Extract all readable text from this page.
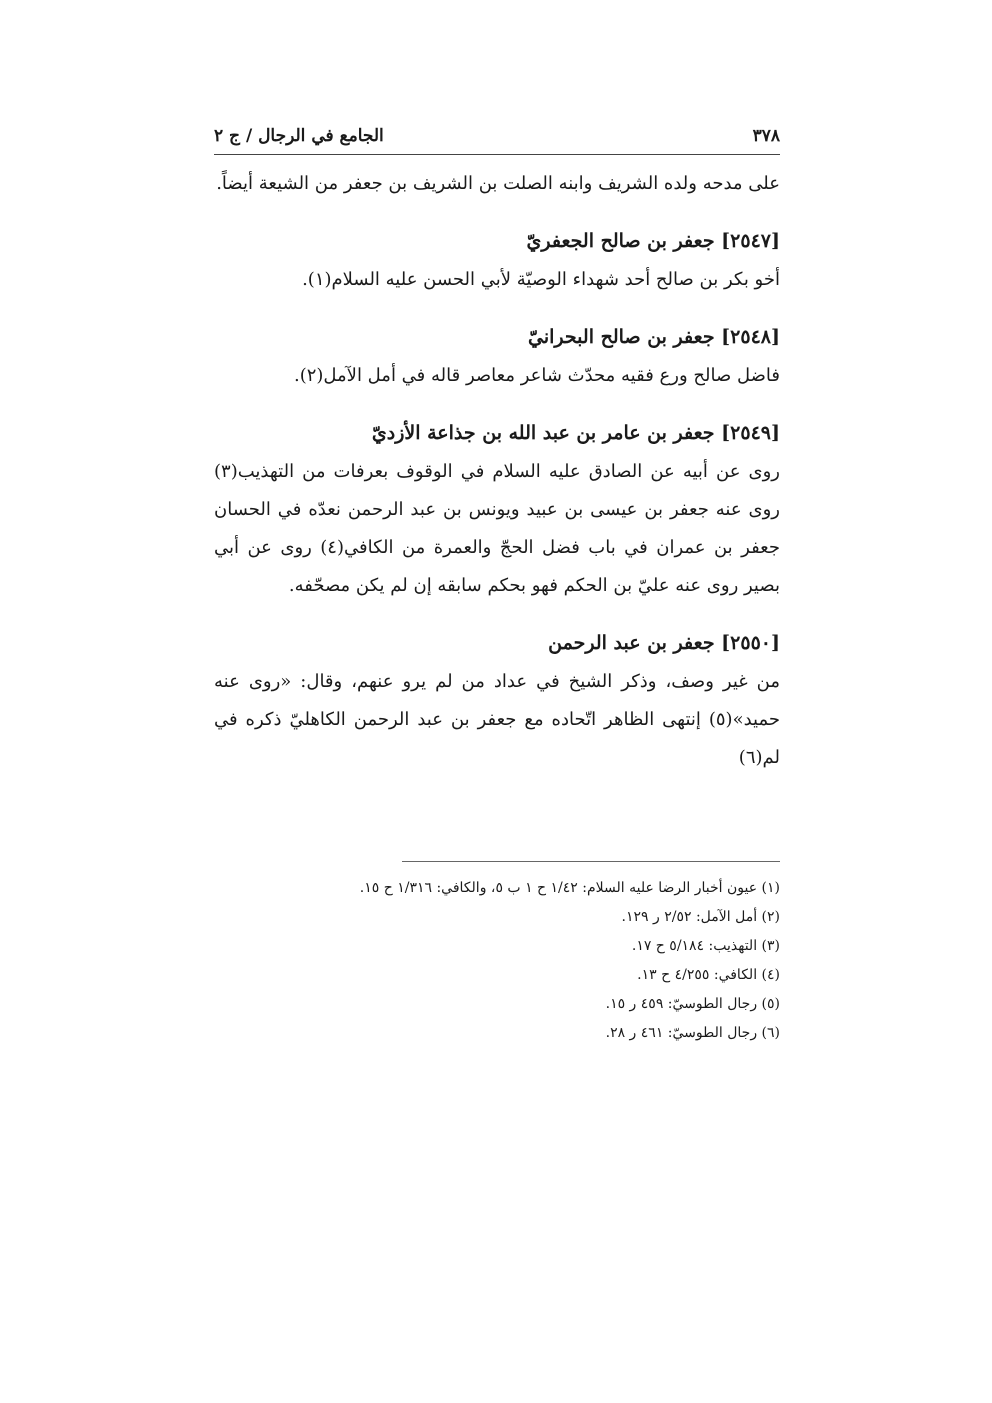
٣٧٨
الجامع في الرجال / ج ٢

على مدحه ولده الشريف وابنه الصلت بن الشريف بن جعفر من الشيعة أيضاً.

[٢٥٤٧] جعفر بن صالح الجعفريّ

أخو بكر بن صالح أحد شهداء الوصيّة لأبي الحسن عليه السلام(١).

[٢٥٤٨] جعفر بن صالح البحرانيّ

فاضل صالح ورع فقيه محدّث شاعر معاصر قاله في أمل الآمل(٢).

[٢٥٤٩] جعفر بن عامر بن عبد الله بن جذاعة الأزديّ

روى عن أبيه عن الصادق عليه السلام في الوقوف بعرفات من التهذيب(٣) روى عنه جعفر بن عيسى بن عبيد ويونس بن عبد الرحمن نعدّه في الحسان جعفر بن عمران في باب فضل الحجّ والعمرة من الكافي(٤) روى عن أبي بصير روى عنه عليّ بن الحكم فهو بحكم سابقه إن لم يكن مصحّفه.

[٢٥٥٠] جعفر بن عبد الرحمن

من غير وصف، وذكر الشيخ في عداد من لم يرو عنهم، وقال: «روى عنه حميد»(٥) إنتهى الظاهر اتّحاده مع جعفر بن عبد الرحمن الكاهليّ ذكره في لم(٦)

(١) عيون أخبار الرضا عليه السلام: ١/٤٢ ح ١ ب ٥، والكافي: ١/٣١٦ ح ١٥.
(٢) أمل الآمل: ٢/٥٢ ر ١٢٩.
(٣) التهذيب: ٥/١٨٤ ح ١٧.
(٤) الكافي: ٤/٢٥٥ ح ١٣.
(٥) رجال الطوسيّ: ٤٥٩ ر ١٥.
(٦) رجال الطوسيّ: ٤٦١ ر ٢٨.
